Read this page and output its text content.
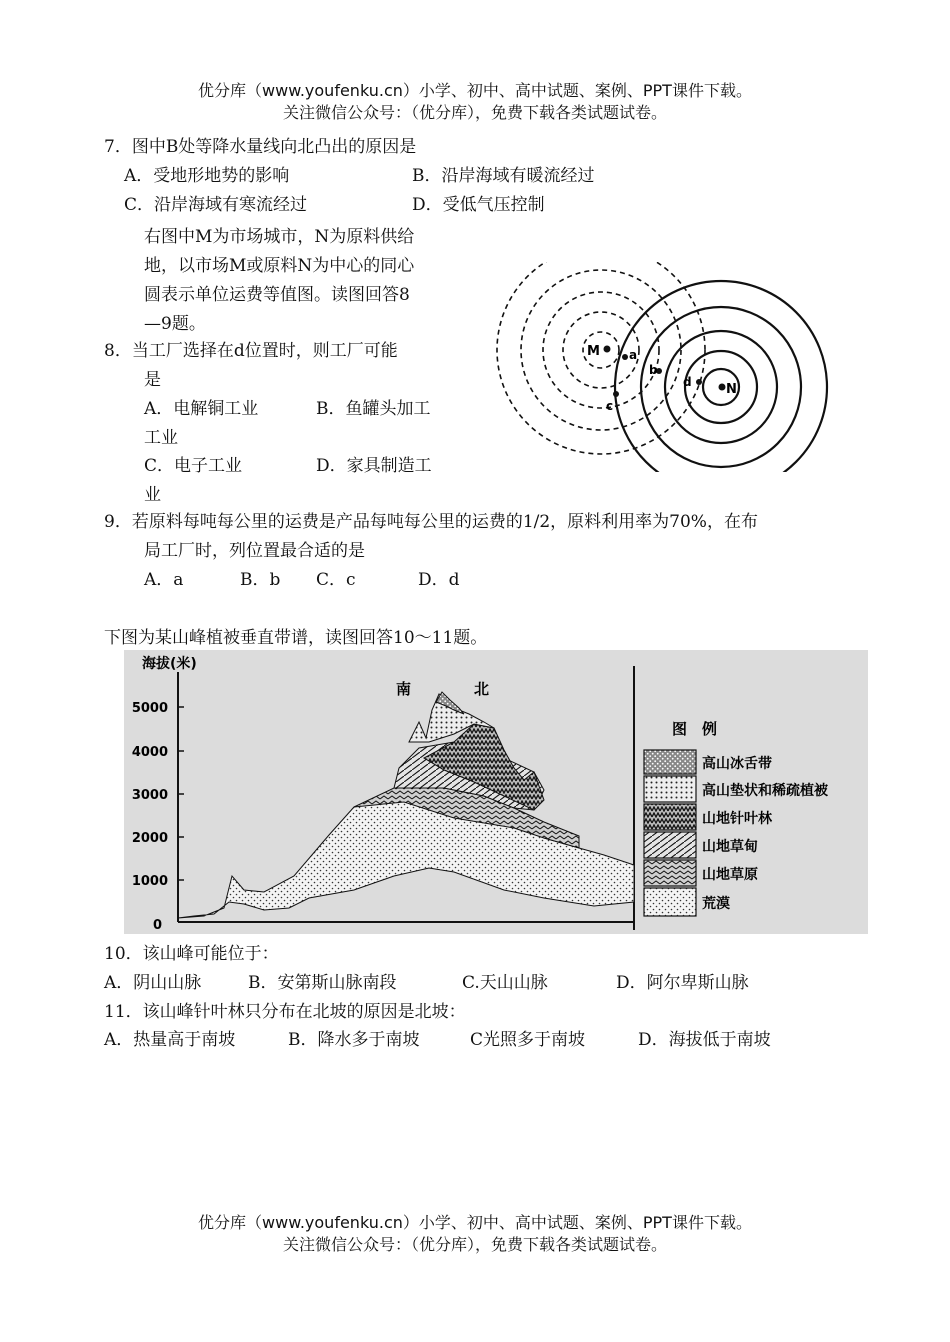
优分库（www.youfenku.cn）小学、初中、高中试题、案例、PPT课件下载。
关注微信公众号：（优分库），免费下载各类试题试卷。
7．图中B处等降水量线向北凸出的原因是
A．受地形地势的影响	B．沿岸海域有暖流经过
C．沿岸海域有寒流经过	D．受低气压控制
右图中M为市场城市，N为原料供给
地，以市场M或原料N为中心的同心
圆表示单位运费等值图。读图回答8
—9题。
8．当工厂选择在d位置时，则工厂可能
是
A．电解铜工业	B．鱼罐头加工
工业
C．电子工业	D．家具制造工
业
M
N
a
b
c
d
9．若原料每吨每公里的运费是产品每吨每公里的运费的1/2，原料利用率为70%，在布
局工厂时，列位置最合适的是
A．a	B．b C．c	D．d
下图为某山峰植被垂直带谱，读图回答10～11题。
海拔(米)
5000
4000
3000
2000
1000
0
南	北
图　例
高山冰舌带
高山垫状和稀疏植被
山地针叶林
山地草甸
山地草原
荒漠
10．该山峰可能位于：
A．阴山山脉	B．安第斯山脉南段	C.天山山脉	D．阿尔卑斯山脉
11．该山峰针叶林只分布在北坡的原因是北坡：
A．热量高于南坡	B．降水多于南坡	C光照多于南坡	D．海拔低于南坡
优分库（www.youfenku.cn）小学、初中、高中试题、案例、PPT课件下载。
关注微信公众号：（优分库），免费下载各类试题试卷。
